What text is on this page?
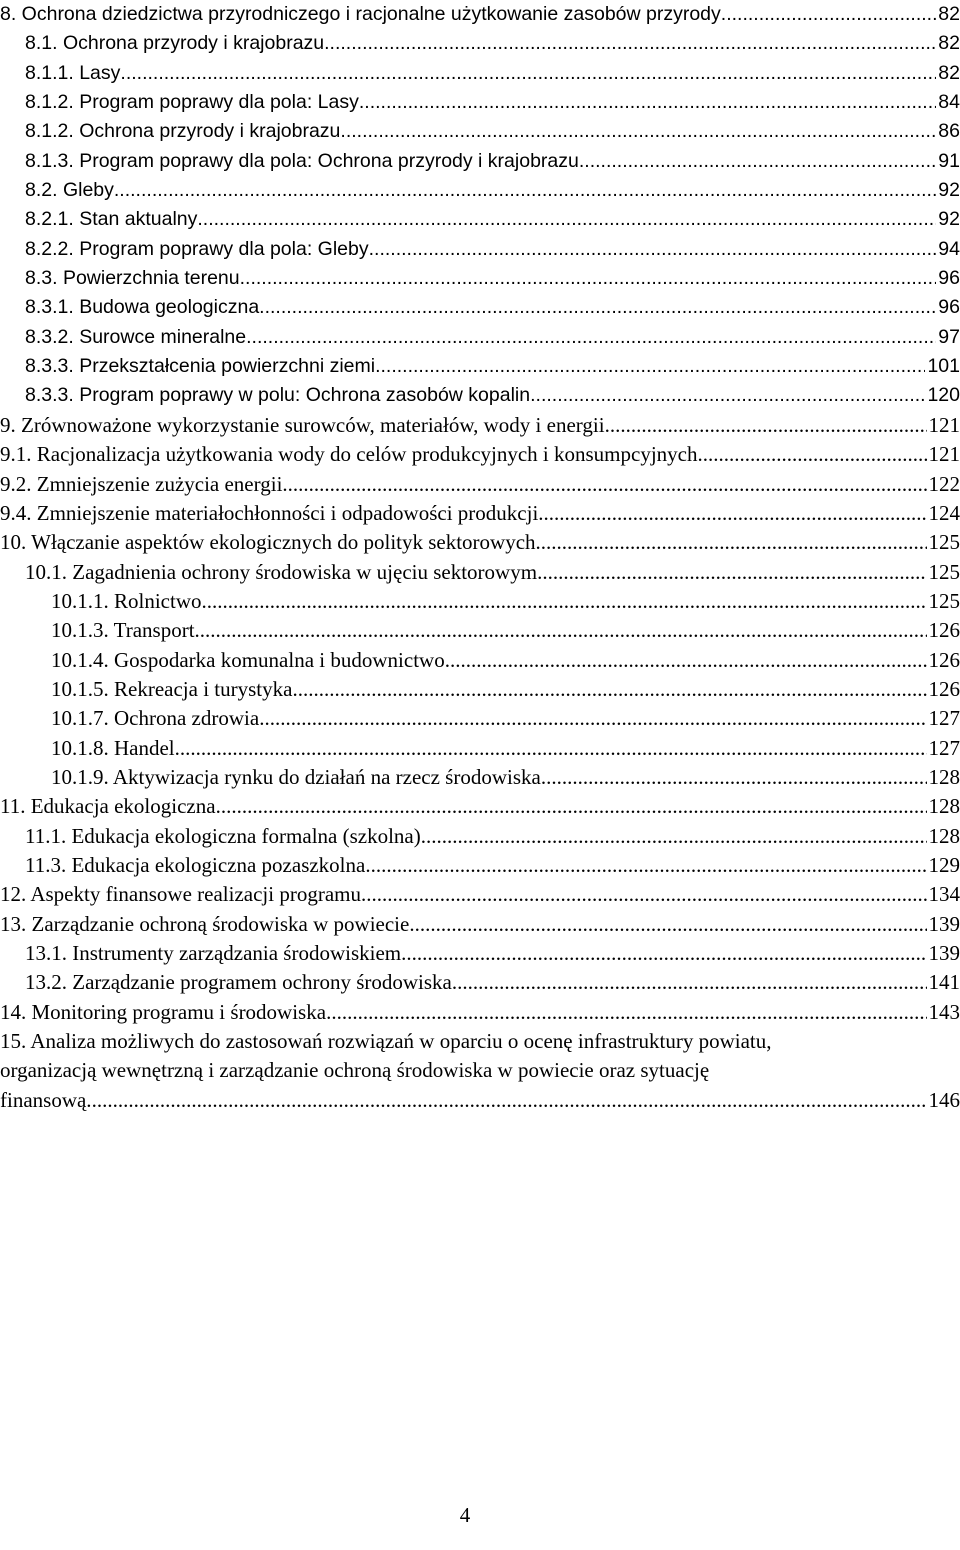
8. Ochrona dziedzictwa przyrodniczego i racjonalne użytkowanie zasobów przyrody .....	82
8.1. Ochrona przyrody i krajobrazu .....	82
8.1.1. Lasy .....	82
8.1.2. Program poprawy dla pola: Lasy .....	84
8.1.2. Ochrona przyrody i krajobrazu .....	86
8.1.3. Program poprawy dla pola: Ochrona przyrody i krajobrazu .....	91
8.2. Gleby .....	92
8.2.1. Stan aktualny .....	92
8.2.2. Program poprawy dla pola: Gleby .....	94
8.3. Powierzchnia terenu .....	96
8.3.1. Budowa geologiczna .....	96
8.3.2. Surowce mineralne .....	97
8.3.3. Przekształcenia powierzchni ziemi .....	101
8.3.3. Program poprawy w polu: Ochrona zasobów kopalin .....	120
9. Zrównoważone wykorzystanie surowców, materiałów, wody i energii .....	121
9.1. Racjonalizacja użytkowania wody do celów produkcyjnych i konsumpcyjnych .....	121
9.2. Zmniejszenie zużycia energii .....	122
9.4. Zmniejszenie materiałochłonności i odpadowości produkcji .....	124
10. Włączanie aspektów ekologicznych do polityk sektorowych .....	125
10.1. Zagadnienia ochrony środowiska w ujęciu sektorowym .....	125
10.1.1. Rolnictwo .....	125
10.1.3. Transport .....	126
10.1.4. Gospodarka komunalna i budownictwo .....	126
10.1.5. Rekreacja i turystyka .....	126
10.1.7. Ochrona zdrowia .....	127
10.1.8. Handel .....	127
10.1.9. Aktywizacja rynku do działań na rzecz środowiska .....	128
11. Edukacja ekologiczna .....	128
11.1. Edukacja ekologiczna formalna (szkolna) .....	128
11.3. Edukacja ekologiczna pozaszkolna .....	129
12. Aspekty finansowe realizacji programu .....	134
13. Zarządzanie ochroną środowiska w powiecie .....	139
13.1. Instrumenty zarządzania środowiskiem .....	139
13.2. Zarządzanie programem ochrony środowiska .....	141
14. Monitoring programu i środowiska .....	143
15. Analiza możliwych do zastosowań rozwiązań w oparciu o ocenę infrastruktury powiatu,
organizacją wewnętrzną i zarządzanie ochroną środowiska w powiecie oraz sytuację
finansową. .....	146
4
